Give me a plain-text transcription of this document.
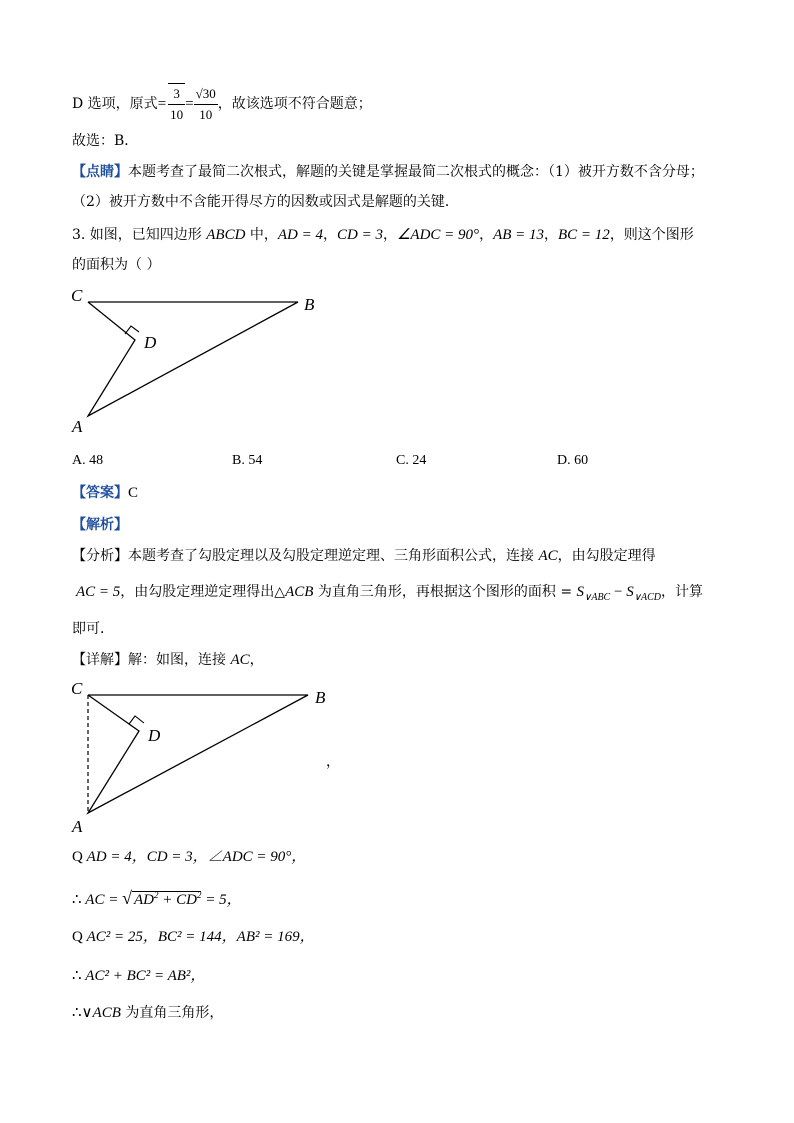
D 选项，原式= $\frac{3}{10} = \frac{√30}{10}$ ，故该选项不符合题意；
故选：B．
【点睛】本题考查了最简二次根式，解题的关键是掌握最简二次根式的概念：（1）被开方数不含分母；
（2）被开方数中不含能开得尽方的因数或因式是解题的关键．
3. 如图，已知四边形 ABCD 中，AD = 4，CD = 3，∠ADC = 90°，AB = 13，BC = 12，则这个图形
的面积为（ ）
C	B
D
A
A. 48	B. 54	C. 24	D. 60
【答案】C
【解析】
【分析】本题考查了勾股定理以及勾股定理逆定理、三角形面积公式，连接 AC，由勾股定理得
AC = 5，由勾股定理逆定理得出△ACB 为直角三角形，再根据这个图形的面积 = $S_{\vee ABC} - S_{\vee ACD}$，计算
即可．
【详解】解：如图，连接 AC，
C	B
D
A
，
Q AD = 4，CD = 3，∠ADC = 90°，
∴ AC = √ $AD^2 + CD^2 = 5$，
Q AC² = 25，BC² = 144，AB² = 169，
∴ AC² + BC² = AB²，
∴∨ACB 为直角三角形，
